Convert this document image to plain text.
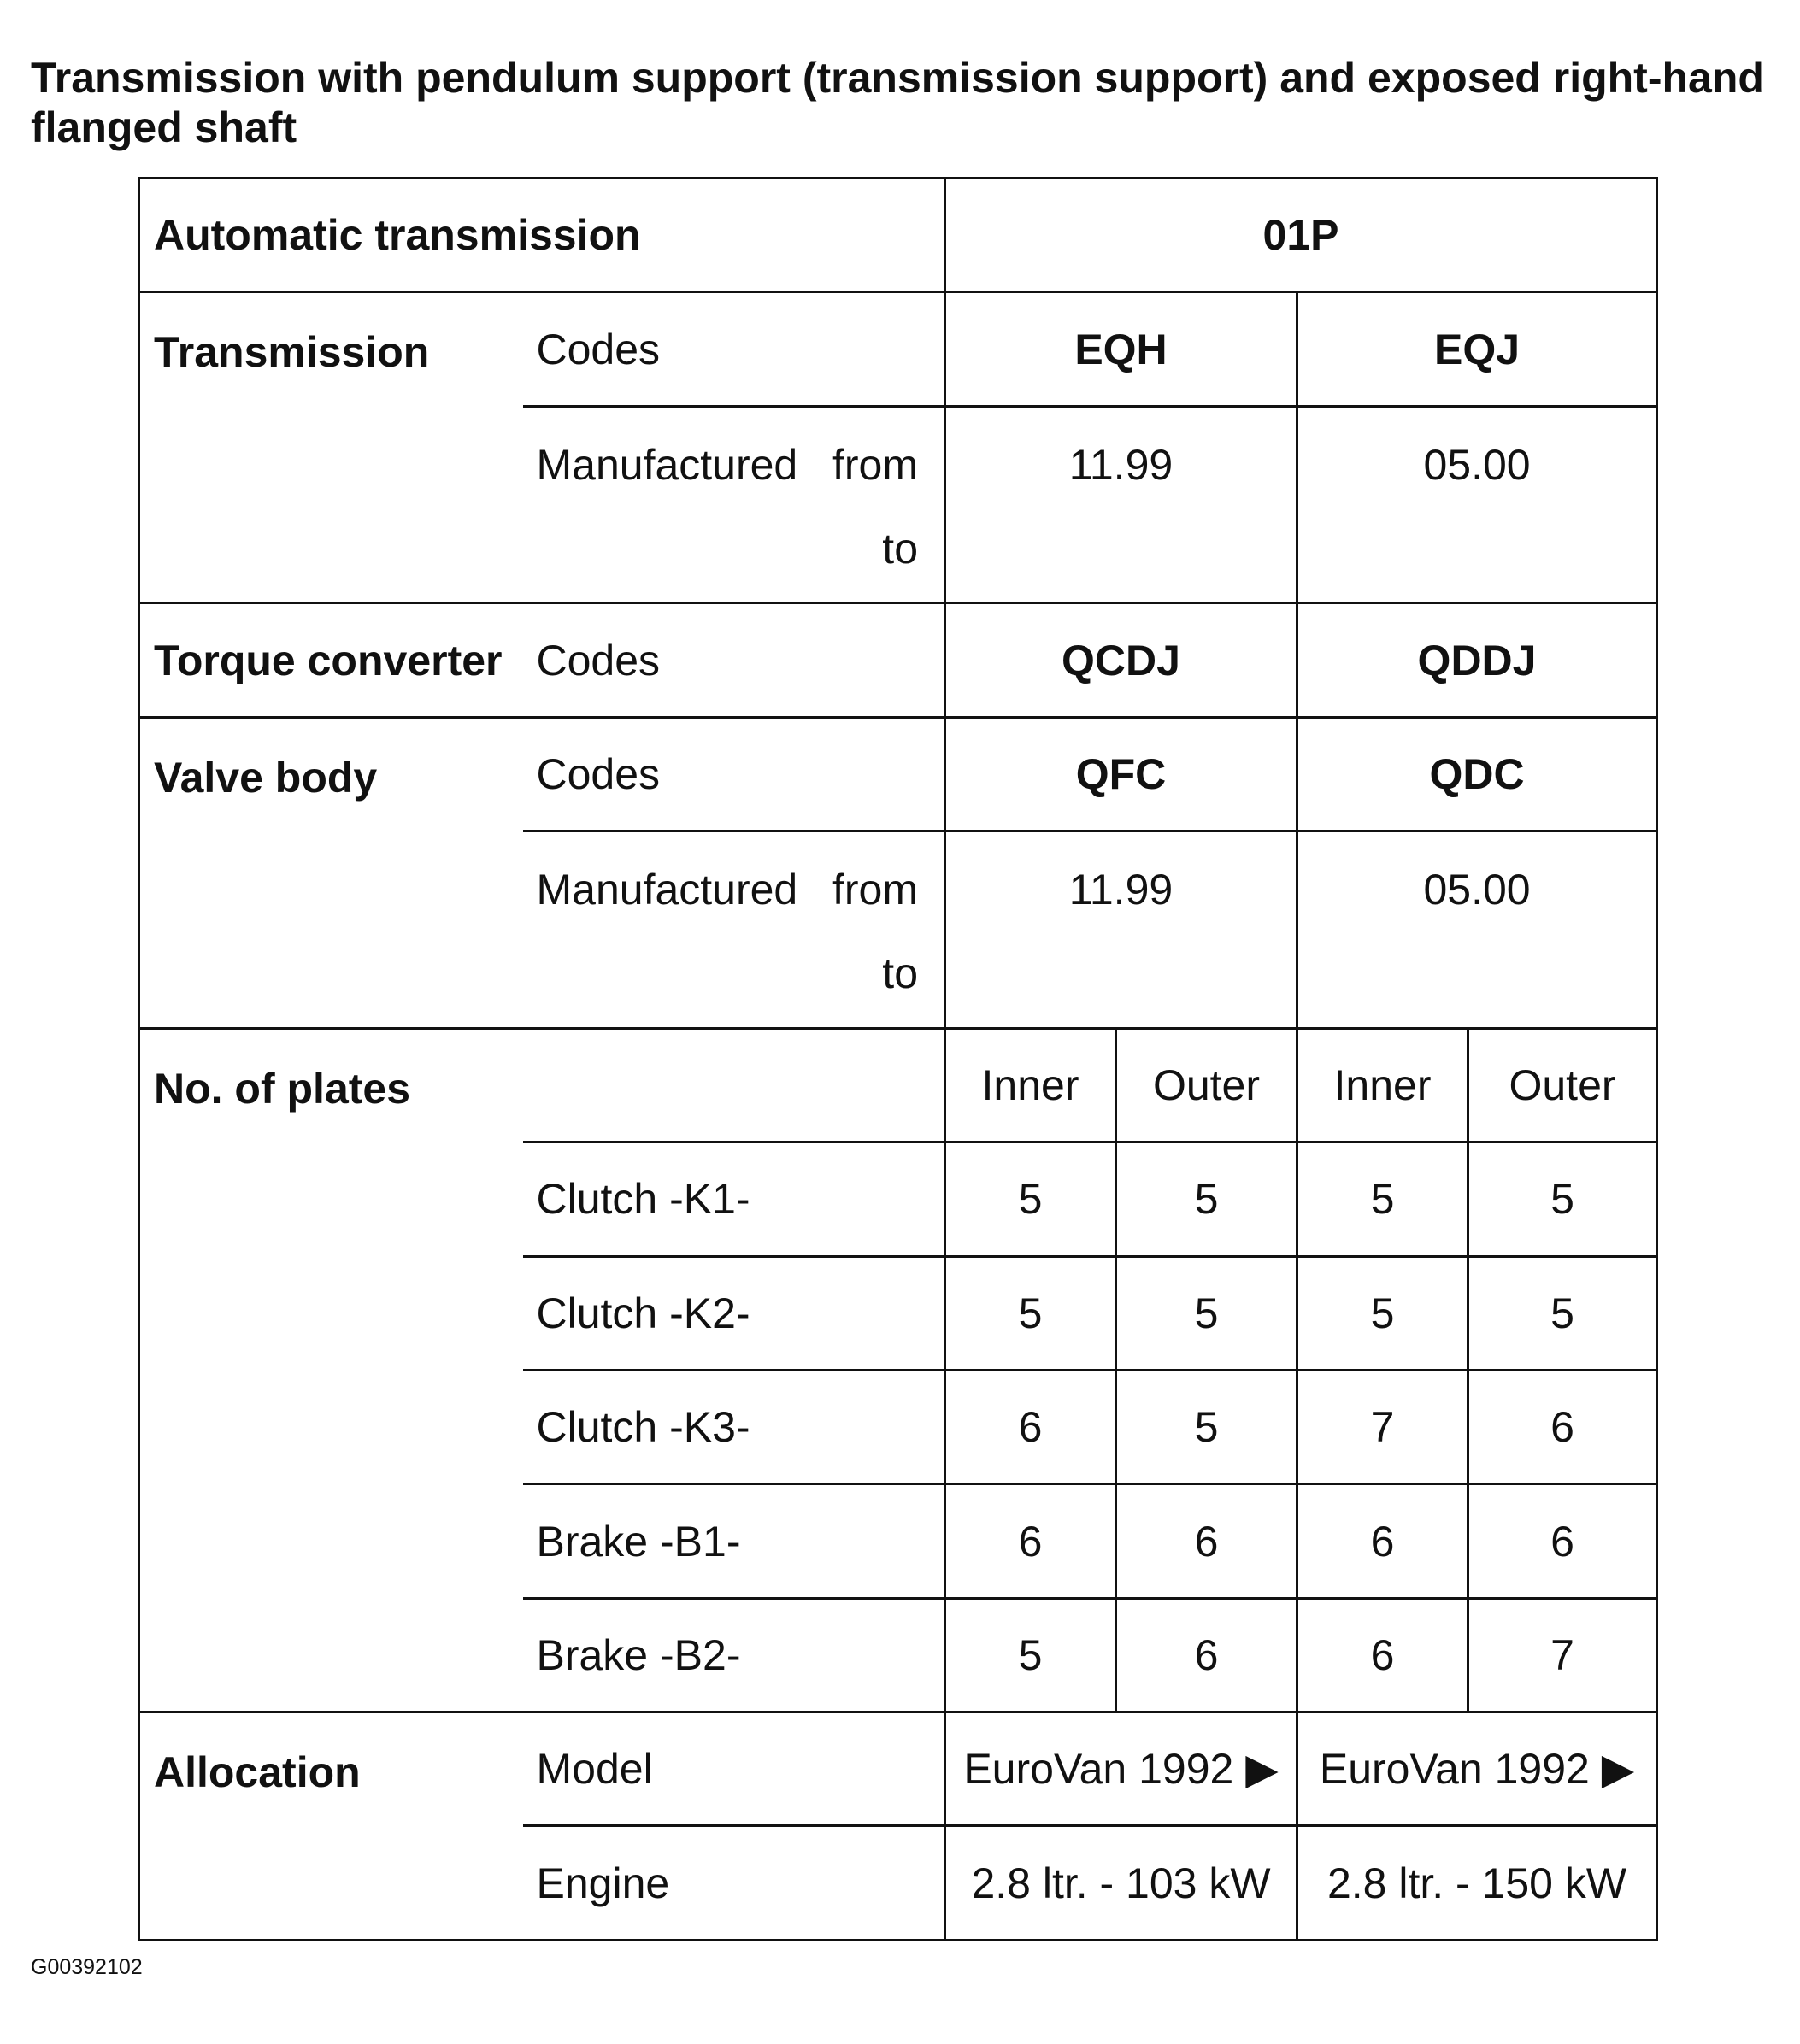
Transmission with pendulum support (transmission support) and exposed right-hand flanged shaft
Automatic transmission		01P			
Transmission	Codes	EQH		EQJ	

	Manufactured from
to	11.99		05.00	
Torque converter	Codes	QCDJ		QDDJ	
Valve body	Codes	QFC		QDC	

	Manufactured from
to	11.99		05.00	
No. of plates		Inner	Outer	Inner	Outer
	Clutch -K1-	5	5	5	5
	Clutch -K2-	5	5	5	5
	Clutch -K3-	6	5	7	6
	Brake -B1-	6	6	6	6
	Brake -B2-	5	6	6	7
Allocation	Model	EuroVan 1992 ▶		EuroVan 1992 ▶	
	Engine	2.8 ltr. - 103 kW		2.8 ltr. - 150 kW	
G00392102
